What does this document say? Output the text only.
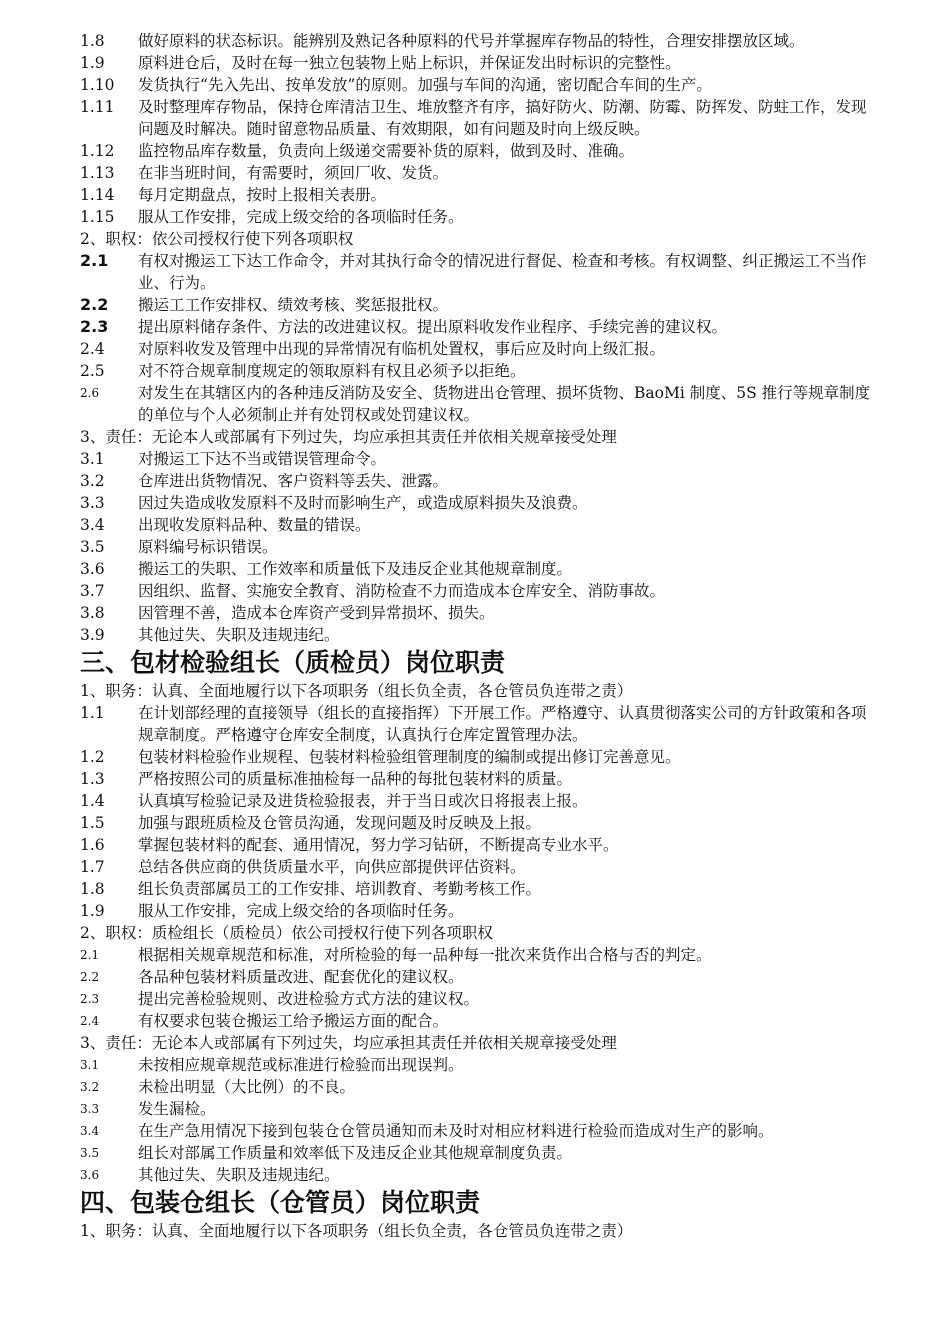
1.8	做好原料的状态标识。能辨别及熟记各种原料的代号并掌握库存物品的特性，合理安排摆放区域。
1.9	原料进仓后，及时在每一独立包装物上贴上标识，并保证发出时标识的完整性。
1.10	发货执行“先入先出、按单发放”的原则。加强与车间的沟通，密切配合车间的生产。
1.11	及时整理库存物品，保持仓库清洁卫生、堆放整齐有序，搞好防火、防潮、防霉、防挥发、防蛀工作，发现问题及时解决。随时留意物品质量、有效期限，如有问题及时向上级反映。
1.12	监控物品库存数量，负责向上级递交需要补货的原料，做到及时、准确。
1.13	在非当班时间，有需要时，须回厂收、发货。
1.14	每月定期盘点，按时上报相关表册。
1.15	服从工作安排，完成上级交给的各项临时任务。
2、职权：依公司授权行使下列各项职权
2.1	有权对搬运工下达工作命令，并对其执行命令的情况进行督促、检查和考核。有权调整、纠正搬运工不当作业、行为。
2.2	搬运工工作安排权、绩效考核、奖惩报批权。
2.3	提出原料储存条件、方法的改进建议权。提出原料收发作业程序、手续完善的建议权。
2.4	对原料收发及管理中出现的异常情况有临机处置权，事后应及时向上级汇报。
2.5	对不符合规章制度规定的领取原料有权且必须予以拒绝。
2.6	对发生在其辖区内的各种违反消防及安全、货物进出仓管理、损坏货物、BaoMi 制度、5S 推行等规章制度的单位与个人必须制止并有处罚权或处罚建议权。
3、责任：无论本人或部属有下列过失，均应承担其责任并依相关规章接受处理
3.1	对搬运工下达不当或错误管理命令。
3.2	仓库进出货物情况、客户资料等丢失、泄露。
3.3	因过失造成收发原料不及时而影响生产，或造成原料损失及浪费。
3.4	出现收发原料品种、数量的错误。
3.5	原料编号标识错误。
3.6	搬运工的失职、工作效率和质量低下及违反企业其他规章制度。
3.7	因组织、监督、实施安全教育、消防检查不力而造成本仓库安全、消防事故。
3.8	因管理不善，造成本仓库资产受到异常损坏、损失。
3.9	其他过失、失职及违规违纪。
三、包材检验组长（质检员）岗位职责
1、职务：认真、全面地履行以下各项职务（组长负全责，各仓管员负连带之责）
1.1	在计划部经理的直接领导（组长的直接指挥）下开展工作。严格遵守、认真贯彻落实公司的方针政策和各项规章制度。严格遵守仓库安全制度，认真执行仓库定置管理办法。
1.2	包装材料检验作业规程、包装材料检验组管理制度的编制或提出修订完善意见。
1.3	严格按照公司的质量标准抽检每一品种的每批包装材料的质量。
1.4	认真填写检验记录及进货检验报表，并于当日或次日将报表上报。
1.5	加强与跟班质检及仓管员沟通，发现问题及时反映及上报。
1.6	掌握包装材料的配套、通用情况，努力学习钻研，不断提高专业水平。
1.7	总结各供应商的供货质量水平，向供应部提供评估资料。
1.8	组长负责部属员工的工作安排、培训教育、考勤考核工作。
1.9	服从工作安排，完成上级交给的各项临时任务。
2、职权：质检组长（质检员）依公司授权行使下列各项职权
2.1	根据相关规章规范和标准，对所检验的每一品种每一批次来货作出合格与否的判定。
2.2	各品种包装材料质量改进、配套优化的建议权。
2.3	提出完善检验规则、改进检验方式方法的建议权。
2.4	有权要求包装仓搬运工给予搬运方面的配合。
3、责任：无论本人或部属有下列过失，均应承担其责任并依相关规章接受处理
3.1	未按相应规章规范或标准进行检验而出现误判。
3.2	未检出明显（大比例）的不良。
3.3	发生漏检。
3.4	在生产急用情况下接到包装仓仓管员通知而未及时对相应材料进行检验而造成对生产的影响。
3.5	组长对部属工作质量和效率低下及违反企业其他规章制度负责。
3.6	其他过失、失职及违规违纪。
四、包装仓组长（仓管员）岗位职责
1、职务：认真、全面地履行以下各项职务（组长负全责，各仓管员负连带之责）
